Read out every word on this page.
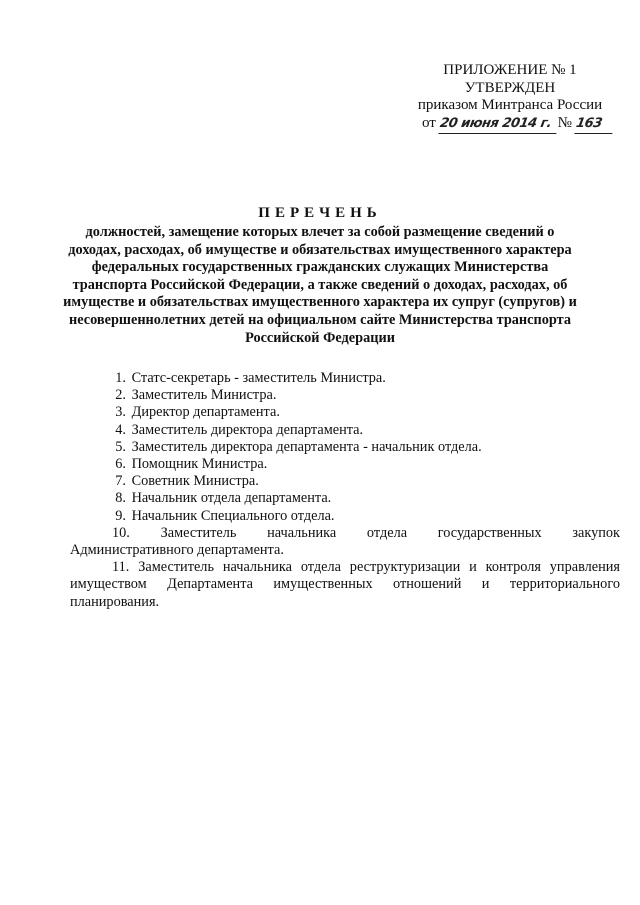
ПРИЛОЖЕНИЕ № 1
УТВЕРЖДЕН
приказом Минтранса России
от 20 июня 2014 г. № 163
ПЕРЕЧЕНЬ
должностей, замещение которых влечет за собой размещение сведений о
доходах, расходах, об имуществе и обязательствах имущественного характера
федеральных государственных гражданских служащих Министерства
транспорта Российской Федерации, а также сведений о доходах, расходах, об
имуществе и обязательствах имущественного характера их супруг (супругов) и
несовершеннолетних детей на официальном сайте Министерства транспорта
Российской Федерации
1. Статс-секретарь - заместитель Министра.
2. Заместитель Министра.
3. Директор департамента.
4. Заместитель директора департамента.
5. Заместитель директора департамента - начальник отдела.
6. Помощник Министра.
7. Советник Министра.
8. Начальник отдела департамента.
9. Начальник Специального отдела.
10. Заместитель начальника отдела государственных закупок
Административного департамента.
11. Заместитель начальника отдела реструктуризации и контроля управления
имуществом Департамента имущественных отношений и территориального
планирования.
